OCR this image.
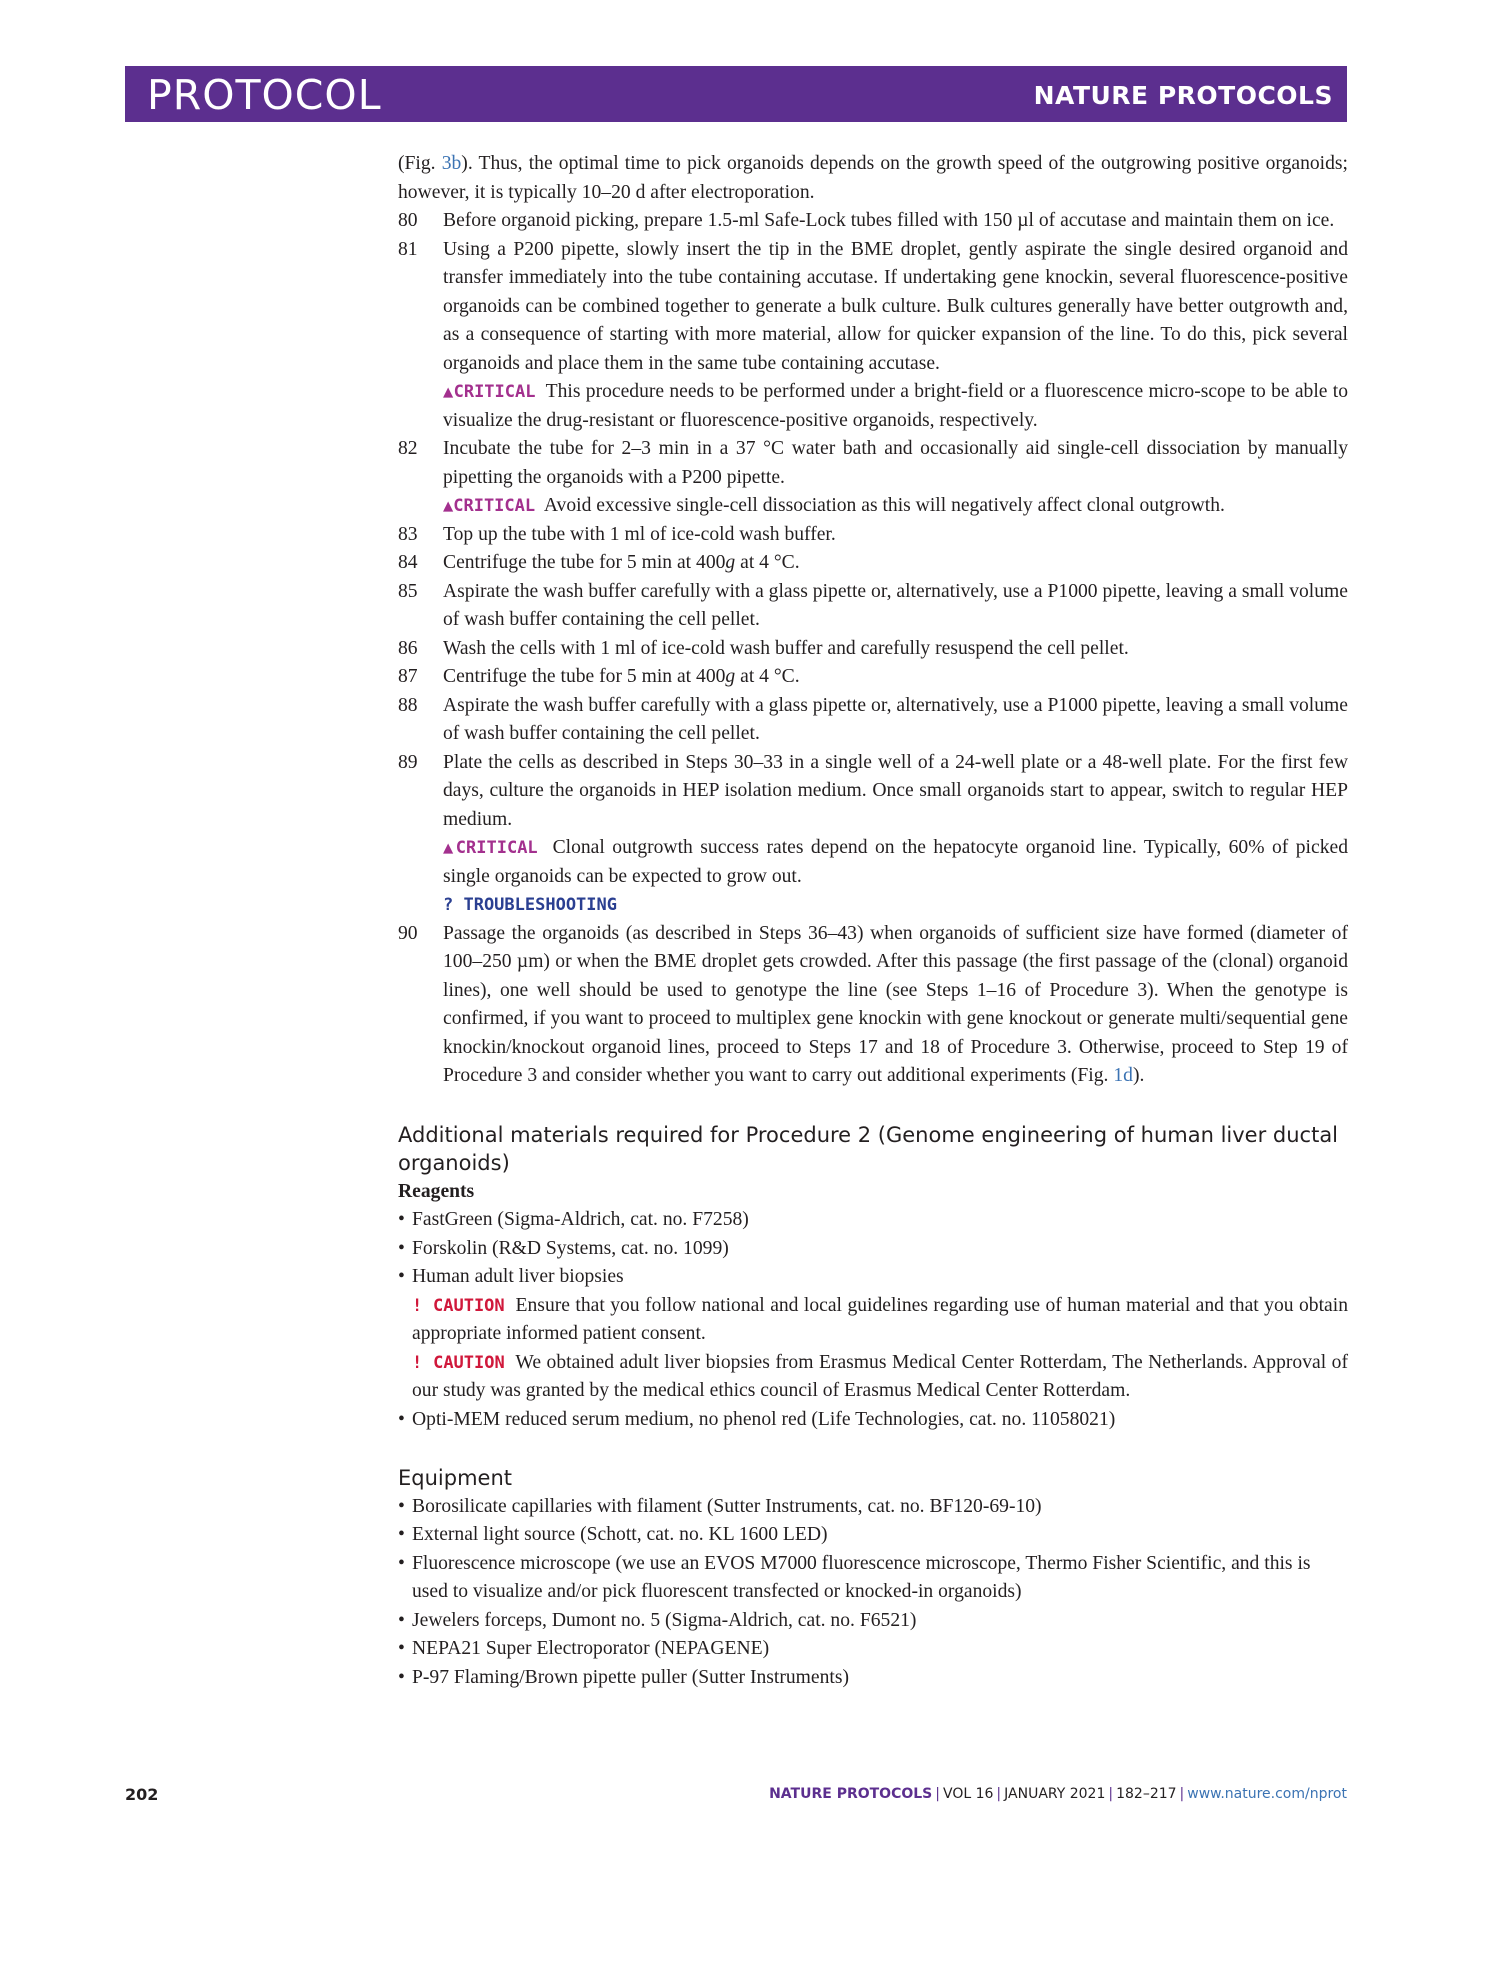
PROTOCOL	NATURE PROTOCOLS

(Fig. 3b). Thus, the optimal time to pick organoids depends on the growth speed of the outgrowing positive organoids; however, it is typically 10–20 d after electroporation.

80	Before organoid picking, prepare 1.5-ml Safe-Lock tubes filled with 150 µl of accutase and maintain them on ice.

81	Using a P200 pipette, slowly insert the tip in the BME droplet, gently aspirate the single desired organoid and transfer immediately into the tube containing accutase. If undertaking gene knockin, several fluorescence-positive organoids can be combined together to generate a bulk culture. Bulk cultures generally have better outgrowth and, as a consequence of starting with more material, allow for quicker expansion of the line. To do this, pick several organoids and place them in the same tube containing accutase.

▲CRITICAL This procedure needs to be performed under a bright-field or a fluorescence micro-scope to be able to visualize the drug-resistant or fluorescence-positive organoids, respectively.

82	Incubate the tube for 2–3 min in a 37 °C water bath and occasionally aid single-cell dissociation by manually pipetting the organoids with a P200 pipette.

▲CRITICAL Avoid excessive single-cell dissociation as this will negatively affect clonal outgrowth.

83	Top up the tube with 1 ml of ice-cold wash buffer.

84	Centrifuge the tube for 5 min at 400g at 4 °C.

85	Aspirate the wash buffer carefully with a glass pipette or, alternatively, use a P1000 pipette, leaving a small volume of wash buffer containing the cell pellet.

86	Wash the cells with 1 ml of ice-cold wash buffer and carefully resuspend the cell pellet.

87	Centrifuge the tube for 5 min at 400g at 4 °C.

88	Aspirate the wash buffer carefully with a glass pipette or, alternatively, use a P1000 pipette, leaving a small volume of wash buffer containing the cell pellet.

89	Plate the cells as described in Steps 30–33 in a single well of a 24-well plate or a 48-well plate. For the first few days, culture the organoids in HEP isolation medium. Once small organoids start to appear, switch to regular HEP medium.

▲CRITICAL Clonal outgrowth success rates depend on the hepatocyte organoid line. Typically, 60% of picked single organoids can be expected to grow out.

? TROUBLESHOOTING

90	Passage the organoids (as described in Steps 36–43) when organoids of sufficient size have formed (diameter of 100–250 µm) or when the BME droplet gets crowded. After this passage (the first passage of the (clonal) organoid lines), one well should be used to genotype the line (see Steps 1–16 of Procedure 3). When the genotype is confirmed, if you want to proceed to multiplex gene knockin with gene knockout or generate multi/sequential gene knockin/knockout organoid lines, proceed to Steps 17 and 18 of Procedure 3. Otherwise, proceed to Step 19 of Procedure 3 and consider whether you want to carry out additional experiments (Fig. 1d).

Additional materials required for Procedure 2 (Genome engineering of human liver ductal organoids)
Reagents
• FastGreen (Sigma-Aldrich, cat. no. F7258)
• Forskolin (R&D Systems, cat. no. 1099)
• Human adult liver biopsies

! CAUTION Ensure that you follow national and local guidelines regarding use of human material and that you obtain appropriate informed patient consent.

! CAUTION We obtained adult liver biopsies from Erasmus Medical Center Rotterdam, The Netherlands. Approval of our study was granted by the medical ethics council of Erasmus Medical Center Rotterdam.

• Opti-MEM reduced serum medium, no phenol red (Life Technologies, cat. no. 11058021)
Equipment
• Borosilicate capillaries with filament (Sutter Instruments, cat. no. BF120-69-10)
• External light source (Schott, cat. no. KL 1600 LED)
• Fluorescence microscope (we use an EVOS M7000 fluorescence microscope, Thermo Fisher Scientific, and this is used to visualize and/or pick fluorescent transfected or knocked-in organoids)
• Jewelers forceps, Dumont no. 5 (Sigma-Aldrich, cat. no. F6521)
• NEPA21 Super Electroporator (NEPAGENE)
• P-97 Flaming/Brown pipette puller (Sutter Instruments)
202	NATURE PROTOCOLS | VOL 16 | JANUARY 2021 | 182–217 | www.nature.com/nprot
